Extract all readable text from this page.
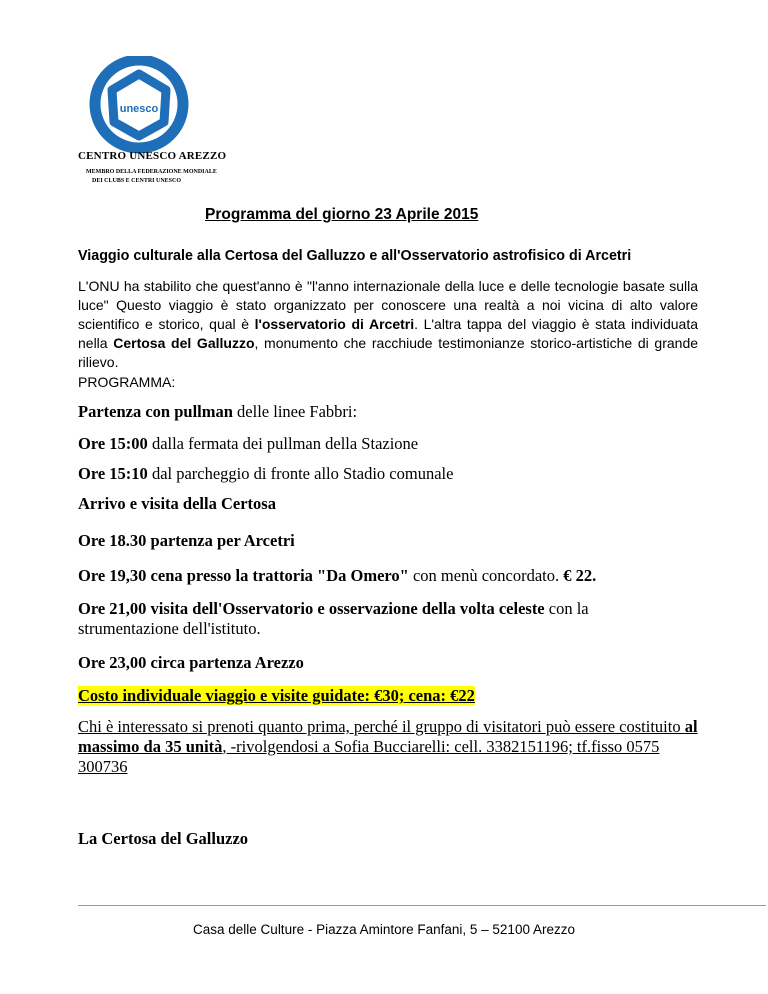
unesco
CENTRO UNESCO AREZZO
MEMBRO DELLA FEDERAZIONE MONDIALE
DEI CLUBS E CENTRI UNESCO
Programma del giorno 23 Aprile 2015
Viaggio culturale alla Certosa del Galluzzo e all'Osservatorio astrofisico di Arcetri
L'ONU ha stabilito che quest'anno è "l'anno internazionale della luce e delle tecnologie basate sulla luce" Questo viaggio è stato organizzato per conoscere una realtà a noi vicina di alto valore scientifico e storico, qual è l'osservatorio di Arcetri. L'altra tappa del viaggio è stata individuata nella Certosa del Galluzzo, monumento che racchiude testimonianze storico-artistiche di grande rilievo.
PROGRAMMA:
Partenza con pullman delle linee Fabbri:
Ore 15:00 dalla fermata dei pullman della Stazione
Ore 15:10 dal parcheggio di fronte allo Stadio comunale
Arrivo e visita della Certosa
Ore 18.30 partenza per Arcetri
Ore 19,30 cena presso la trattoria "Da Omero" con menù concordato. € 22.
Ore 21,00 visita dell'Osservatorio e osservazione della volta celeste con la
strumentazione dell'istituto.
Ore 23,00 circa partenza Arezzo
Costo individuale viaggio e visite guidate: €30; cena: €22
Chi è interessato si prenoti quanto prima, perché il gruppo di visitatori può essere costituito al massimo da 35 unità, -rivolgendosi a Sofia Bucciarelli: cell. 3382151196; tf.fisso 0575 300736
La Certosa del Galluzzo
Casa delle Culture - Piazza Amintore Fanfani, 5 – 52100 Arezzo
